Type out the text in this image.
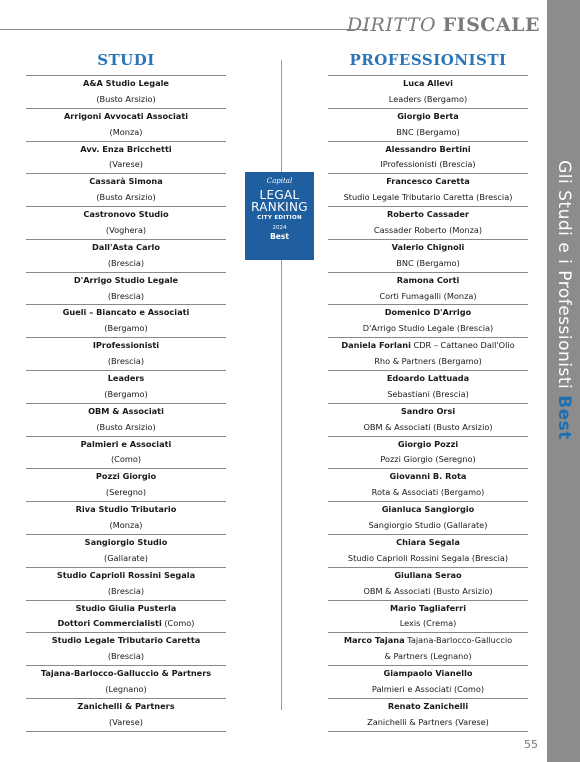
DIRITTO FISCALE
Gli Studi e i Professionisti Best
STUDI	PROFESSIONISTI
A&A Studio Legale
(Busto Arsizio)
Arrigoni Avvocati Associati
(Monza)
Avv. Enza Bricchetti
(Varese)
Cassarà Simona
(Busto Arsizio)
Castronovo Studio
(Voghera)
Dall'Asta Carlo
(Brescia)
D'Arrigo Studio Legale
(Brescia)
Gueli – Biancato e Associati
(Bergamo)
IProfessionisti
(Brescia)
Leaders
(Bergamo)
OBM & Associati
(Busto Arsizio)
Palmieri e Associati
(Como)
Pozzi Giorgio
(Seregno)
Riva Studio Tributario
(Monza)
Sangiorgio Studio
(Gallarate)
Studio Caprioli Rossini Segala
(Brescia)
Studio Giulia Pusterla
Dottori Commercialisti (Como)
Studio Legale Tributario Caretta
(Brescia)
Tajana-Barlocco-Galluccio & Partners
(Legnano)
Zanichelli & Partners
(Varese)
Luca Allevi
Leaders (Bergamo)
Giorgio Berta
BNC (Bergamo)
Alessandro Bertini
IProfessionisti (Brescia)
Francesco Caretta
Studio Legale Tributario Caretta (Brescia)
Roberto Cassader
Cassader Roberto (Monza)
Valerio Chignoli
BNC (Bergamo)
Ramona Corti
Corti Fumagalli (Monza)
Domenico D'Arrigo
D'Arrigo Studio Legale (Brescia)
Daniela Forlani CDR – Cattaneo Dall'Olio
Rho & Partners (Bergamo)
Edoardo Lattuada
Sebastiani (Brescia)
Sandro Orsi
OBM & Associati (Busto Arsizio)
Giorgio Pozzi
Pozzi Giorgio (Seregno)
Giovanni B. Rota
Rota & Associati (Bergamo)
Gianluca Sangiorgio
Sangiorgio Studio (Gallarate)
Chiara Segala
Studio Caprioli Rossini Segala (Brescia)
Giuliana Serao
OBM & Associati (Busto Arsizio)
Mario Tagliaferri
Lexis (Crema)
Marco Tajana Tajana-Barlocco-Galluccio
& Partners (Legnano)
Giampaolo Vianello
Palmieri e Associati (Como)
Renato Zanichelli
Zanichelli & Partners (Varese)
Capital
LEGAL
RANKING
CITY EDITION
2024
Best
55
